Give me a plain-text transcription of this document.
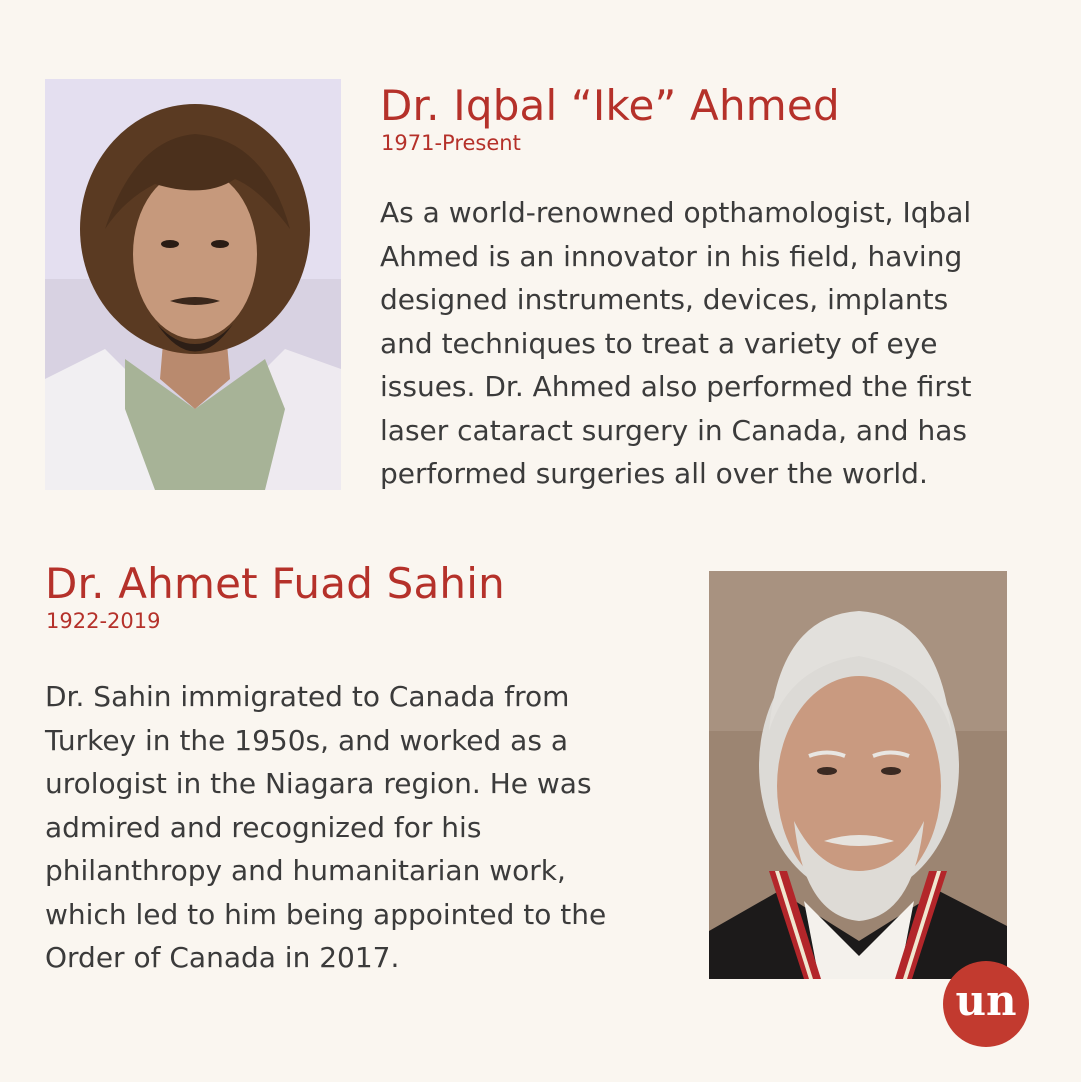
Dr. Iqbal “Ike” Ahmed
1971-Present

As a world-renowned opthamologist, Iqbal
Ahmed is an innovator in his field, having
designed instruments, devices, implants
and techniques to treat a variety of eye
issues. Dr. Ahmed also performed the first
laser cataract surgery in Canada, and has
performed surgeries all over the world.

Dr. Ahmet Fuad Sahin
1922-2019

Dr. Sahin immigrated to Canada from
Turkey in the 1950s, and worked as a
urologist in the Niagara region. He was
admired and recognized for his
philanthropy and humanitarian work,
which led to him being appointed to the
Order of Canada in 2017.

un
